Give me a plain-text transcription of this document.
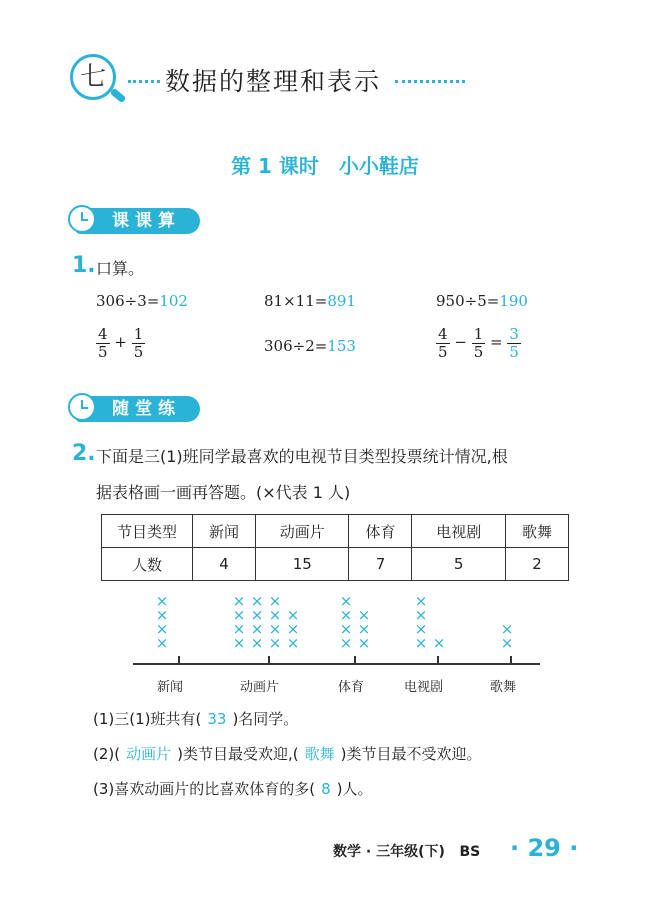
七	数据的整理和表示
第 1 课时 小小鞋店
课课算
1. 口算。
306÷3=102	81×11=891	950÷5=190
$\frac{4}{5} + \frac{1}{5}$	306÷2=153	$\frac{4}{5} - \frac{1}{5} = \frac{3}{5}$
随堂练
2. 下面是三(1)班同学最喜欢的电视节目类型投票统计情况,根
据表格画一画再答题。(×代表 1 人)
节目类型	新闻	动画片	体育	电视剧	歌舞
人数	4	15	7	5	2
×
×
×
×
新闻
×
×
×
×
×
×
×
×
×
×
×
×
×
×
×
动画片
×
×
×
×
×
×
×
体育
×
×
×
×
×
电视剧
×
×
歌舞
(1)三(1)班共有( 33 )名同学。
(2)( 动画片 )类节目最受欢迎,( 歌舞 )类节目最不受欢迎。
(3)喜欢动画片的比喜欢体育的多( 8 )人。
数学 · 三年级(下)   BS · 29 ·
